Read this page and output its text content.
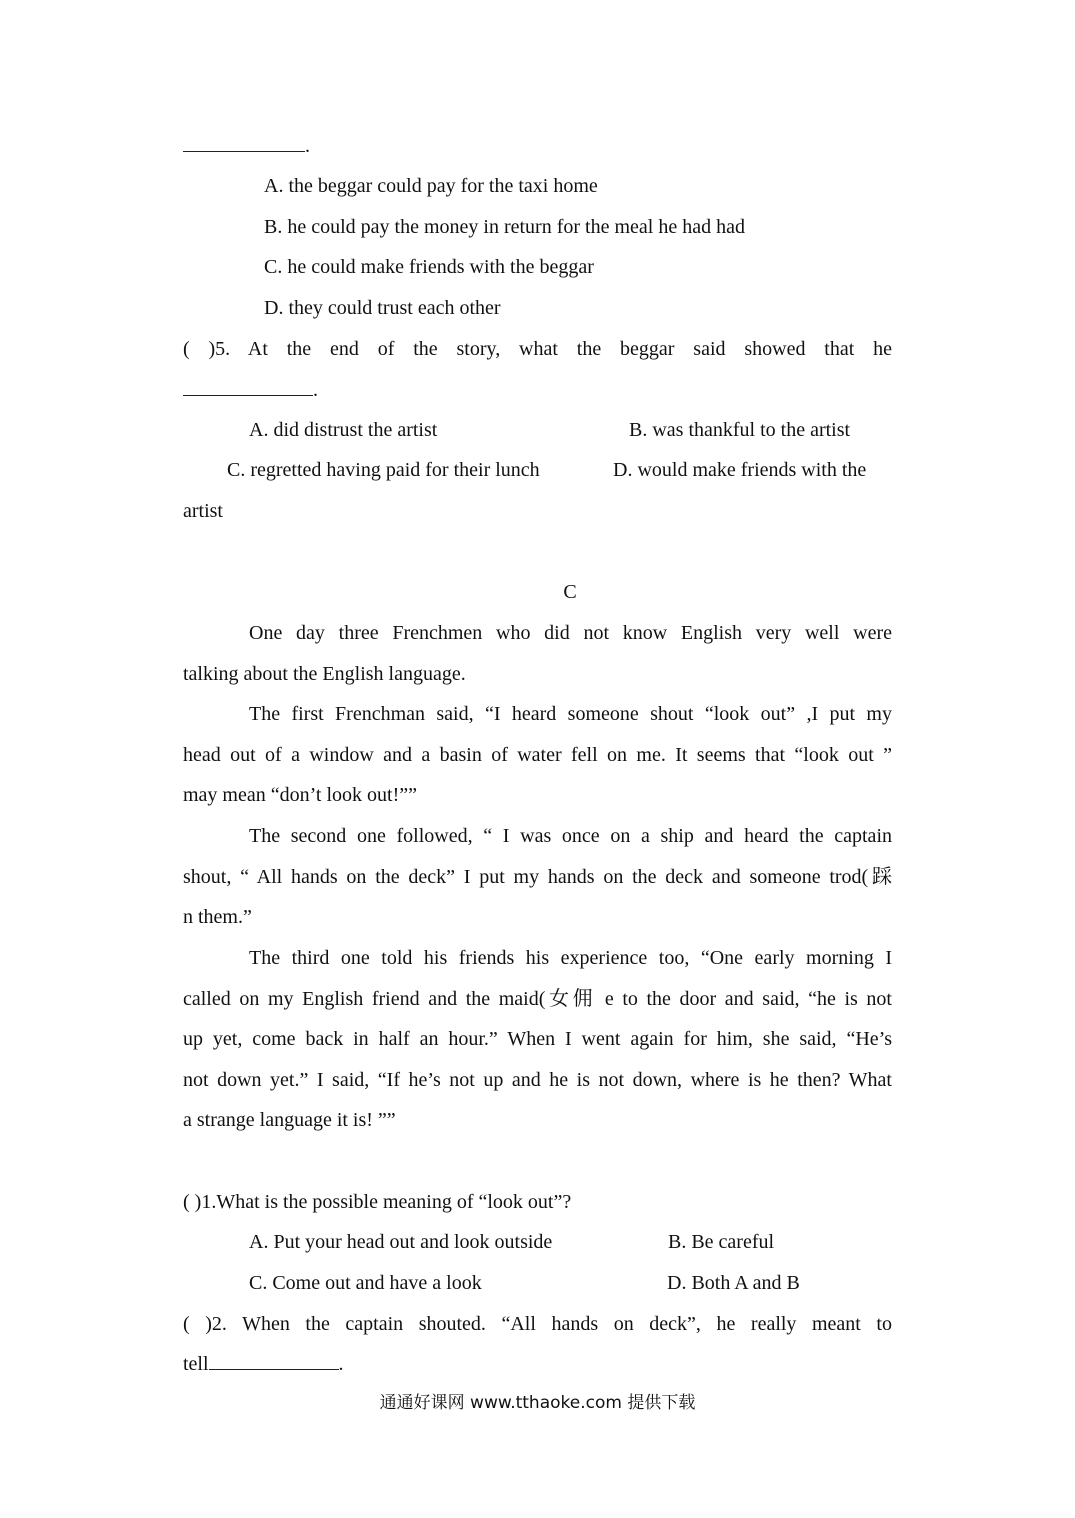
.
A. the beggar could pay for the taxi home
B. he could pay the money in return for the meal he had had
C. he could make friends with the beggar
D. they could trust each other
( )5. At the end of the story, what the beggar said showed that he
.
A. did distrust the artist	B. was thankful to the artist
C. regretted having paid for their lunch	D. would make friends with the
artist
C
One day three Frenchmen who did not know English very well were
talking about the English language.
The first Frenchman said, “I heard someone shout “look out” ,I put my
head out of a window and a basin of water fell on me. It seems that “look out ”
may mean “don’t look out!””
The second one followed, “ I was once on a ship and heard the captain
shout, “ All hands on the deck” I put my hands on the deck and someone trod(踩
n them.”
The third one told his friends his experience too, “One early morning I
called on my English friend and the maid(女佣 e to the door and said, “he is not
up yet, come back in half an hour.” When I went again for him, she said, “He’s
not down yet.” I said, “If he’s not up and he is not down, where is he then? What
a strange language it is! ””
( )1.What is the possible meaning of “look out”?
A. Put your head out and look outside	B. Be careful
C. Come out and have a look	D. Both A and B
( )2. When the captain shouted. “All hands on deck”, he really meant to
tell	.
通通好课网 www.tthaoke.com 提供下载
